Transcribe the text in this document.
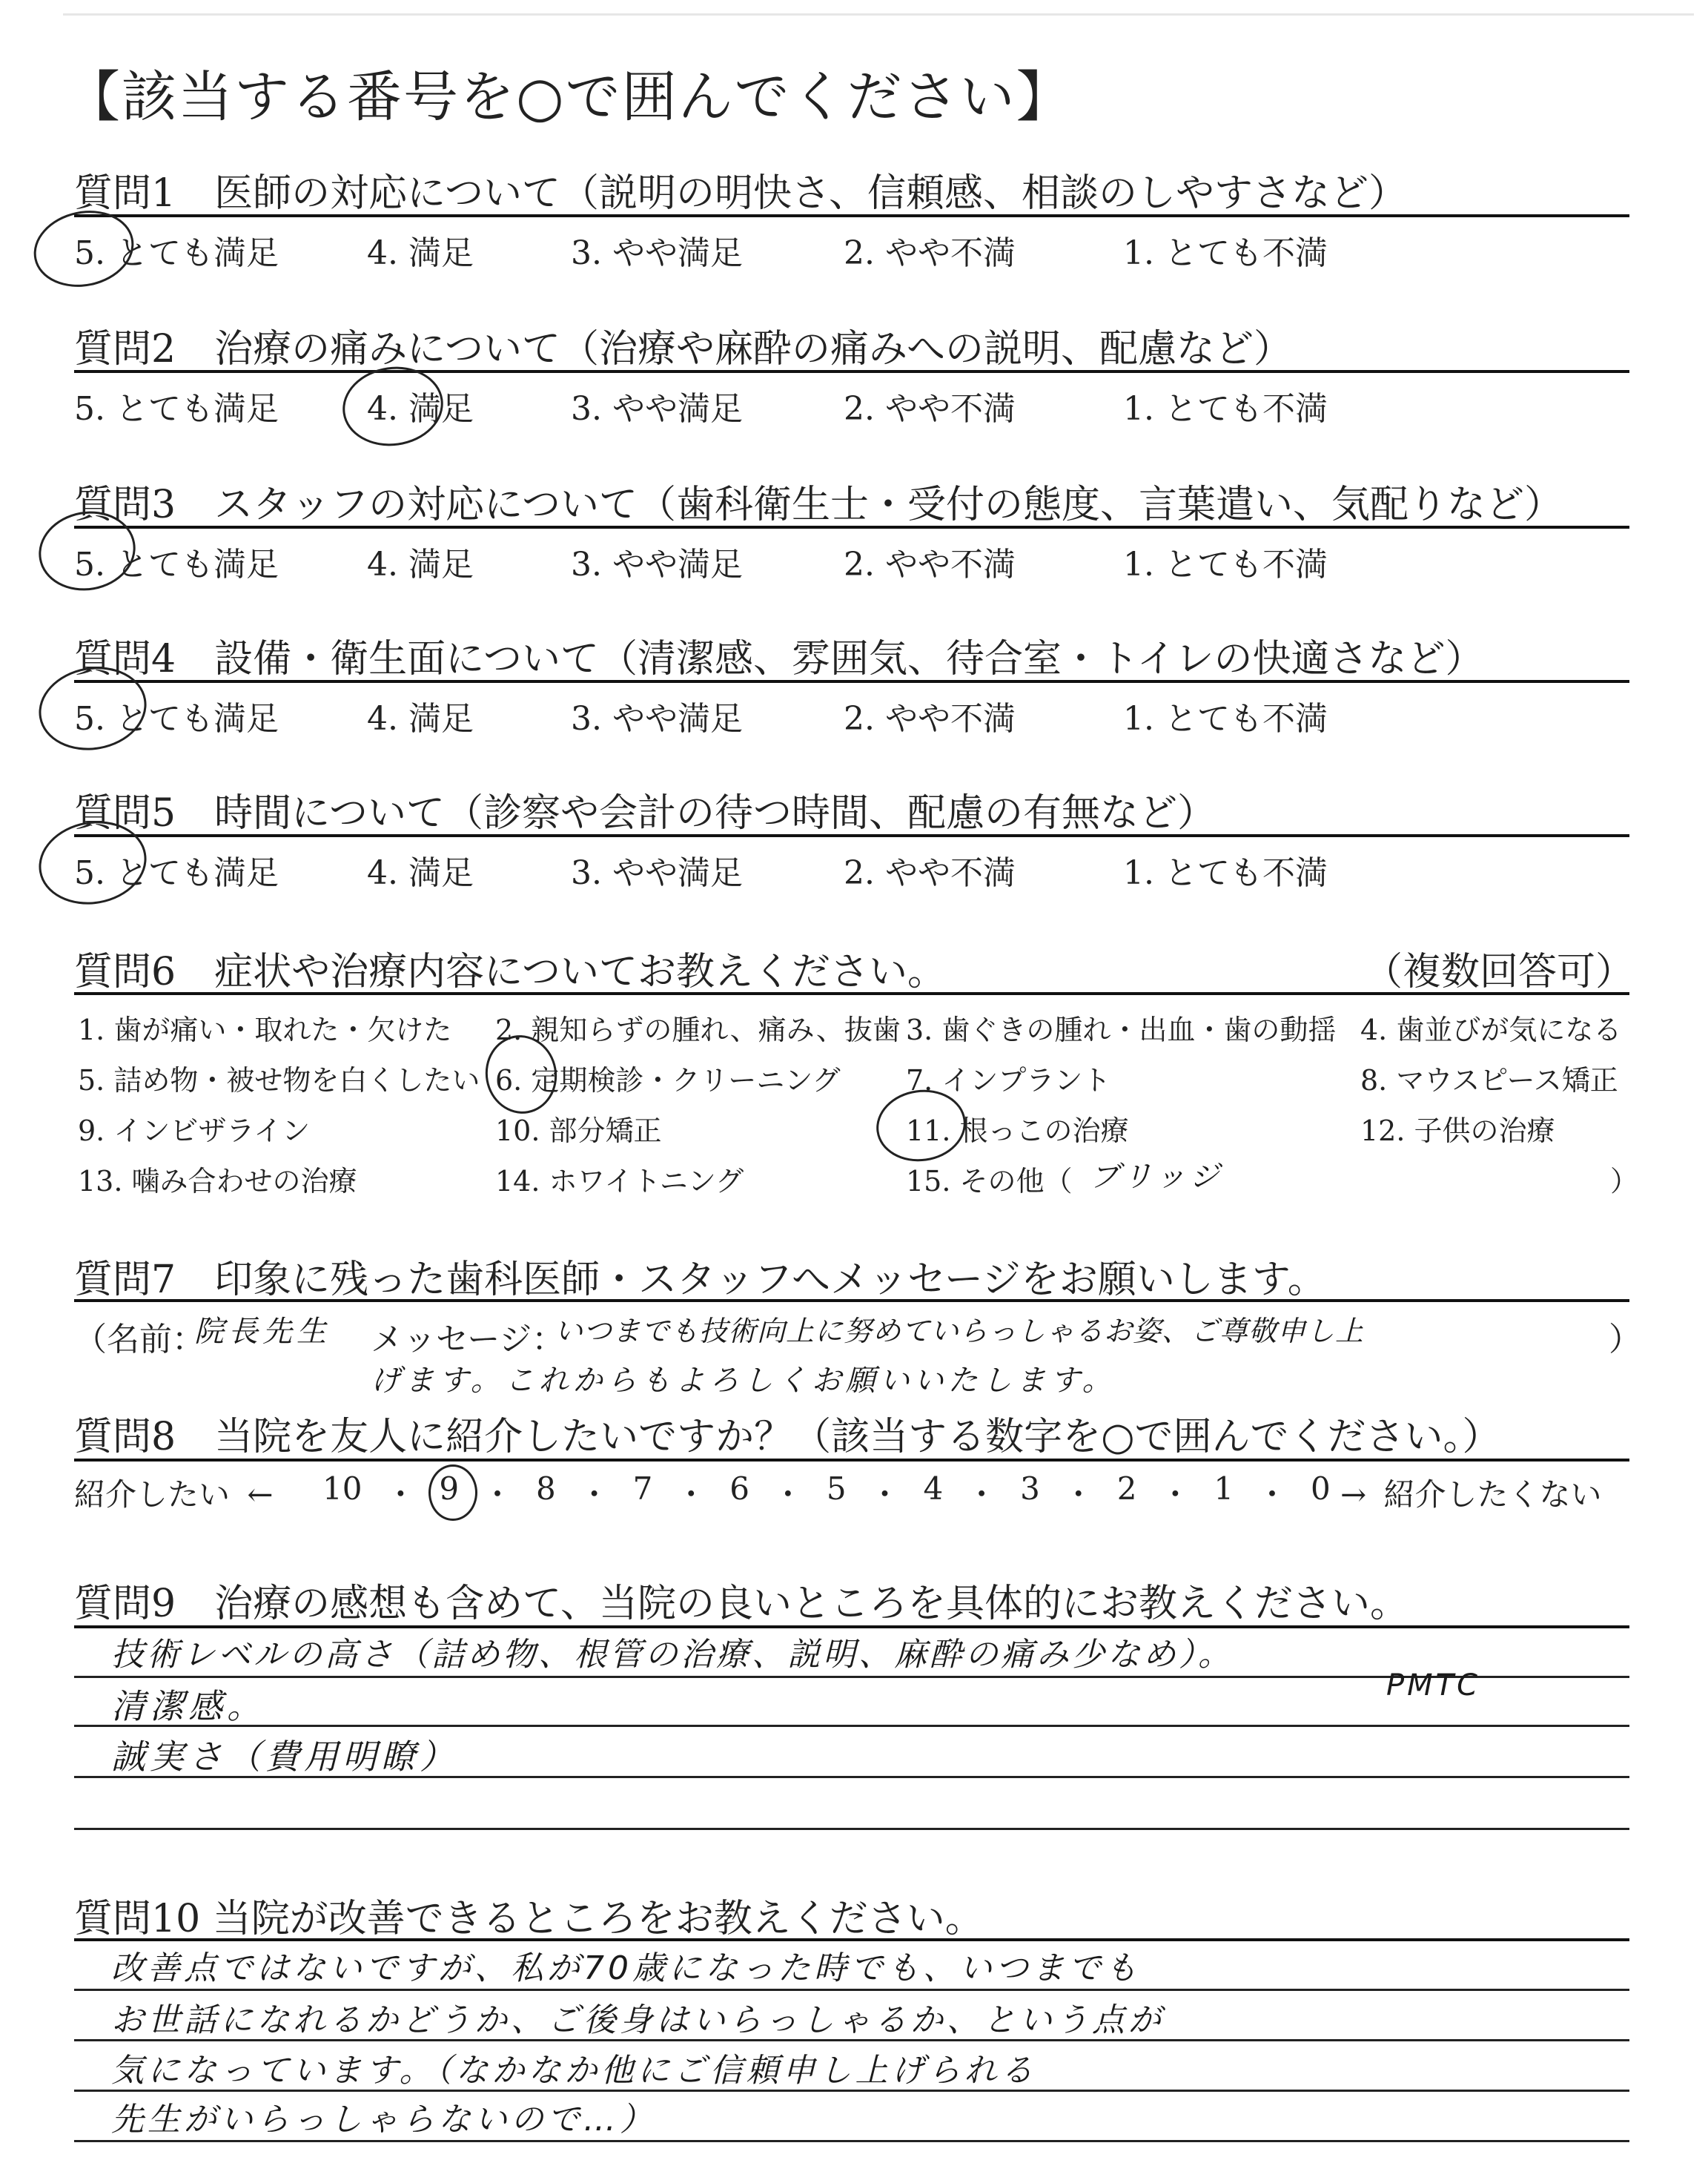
【該当する番号を○で囲んでください】
質問1　医師の対応について（説明の明快さ、信頼感、相談のしやすさなど）
5. とても満足	4. 満足	3. やや満足	2. やや不満	1. とても不満
質問2　治療の痛みについて（治療や麻酔の痛みへの説明、配慮など）
5. とても満足	4. 満足	3. やや満足	2. やや不満	1. とても不満
質問3　スタッフの対応について（歯科衛生士・受付の態度、言葉遣い、気配りなど）
5. とても満足	4. 満足	3. やや満足	2. やや不満	1. とても不満
質問4　設備・衛生面について（清潔感、雰囲気、待合室・トイレの快適さなど）
5. とても満足	4. 満足	3. やや満足	2. やや不満	1. とても不満
質問5　時間について（診察や会計の待つ時間、配慮の有無など）
5. とても満足	4. 満足	3. やや満足	2. やや不満	1. とても不満
質問6　症状や治療内容についてお教えください。	（複数回答可）
1. 歯が痛い・取れた・欠けた 2. 親知らずの腫れ、痛み、抜歯 3. 歯ぐきの腫れ・出血・歯の動揺 4. 歯並びが気になる
5. 詰め物・被せ物を白くしたい 6. 定期検診・クリーニング 7. インプラント	8. マウスピース矯正
9. インビザライン	10. 部分矯正	11. 根っこの治療	12. 子供の治療
13. 噛み合わせの治療	14. ホワイトニング	15. その他（ ブリッジ	）
質問7　印象に残った歯科医師・スタッフへメッセージをお願いします。
（名前：
院長先生 メッセージ：
いつまでも技術向上に努めていらっしゃるお姿、ご尊敬申し上	）
げます。これからもよろしくお願いいたします。
質問8　当院を友人に紹介したいですか？（該当する数字を○で囲んでください。）
紹介したい ← 10 ・ 9 ・ 8 ・ 7 ・ 6 ・ 5 ・ 4 ・ 3 ・ 2 ・ 1 ・ 0 → 紹介したくない
質問9　治療の感想も含めて、当院の良いところを具体的にお教えください。
技術レベルの高さ（詰め物、根管の治療、説明、麻酔の痛み少なめ）。
清潔感。
PMTC
誠実さ（費用明瞭）
質問10 当院が改善できるところをお教えください。
改善点ではないですが、私が70歳になった時でも、いつまでも
お世話になれるかどうか、ご後身はいらっしゃるか、という点が
気になっています。（なかなか他にご信頼申し上げられる
先生がいらっしゃらないので…）
